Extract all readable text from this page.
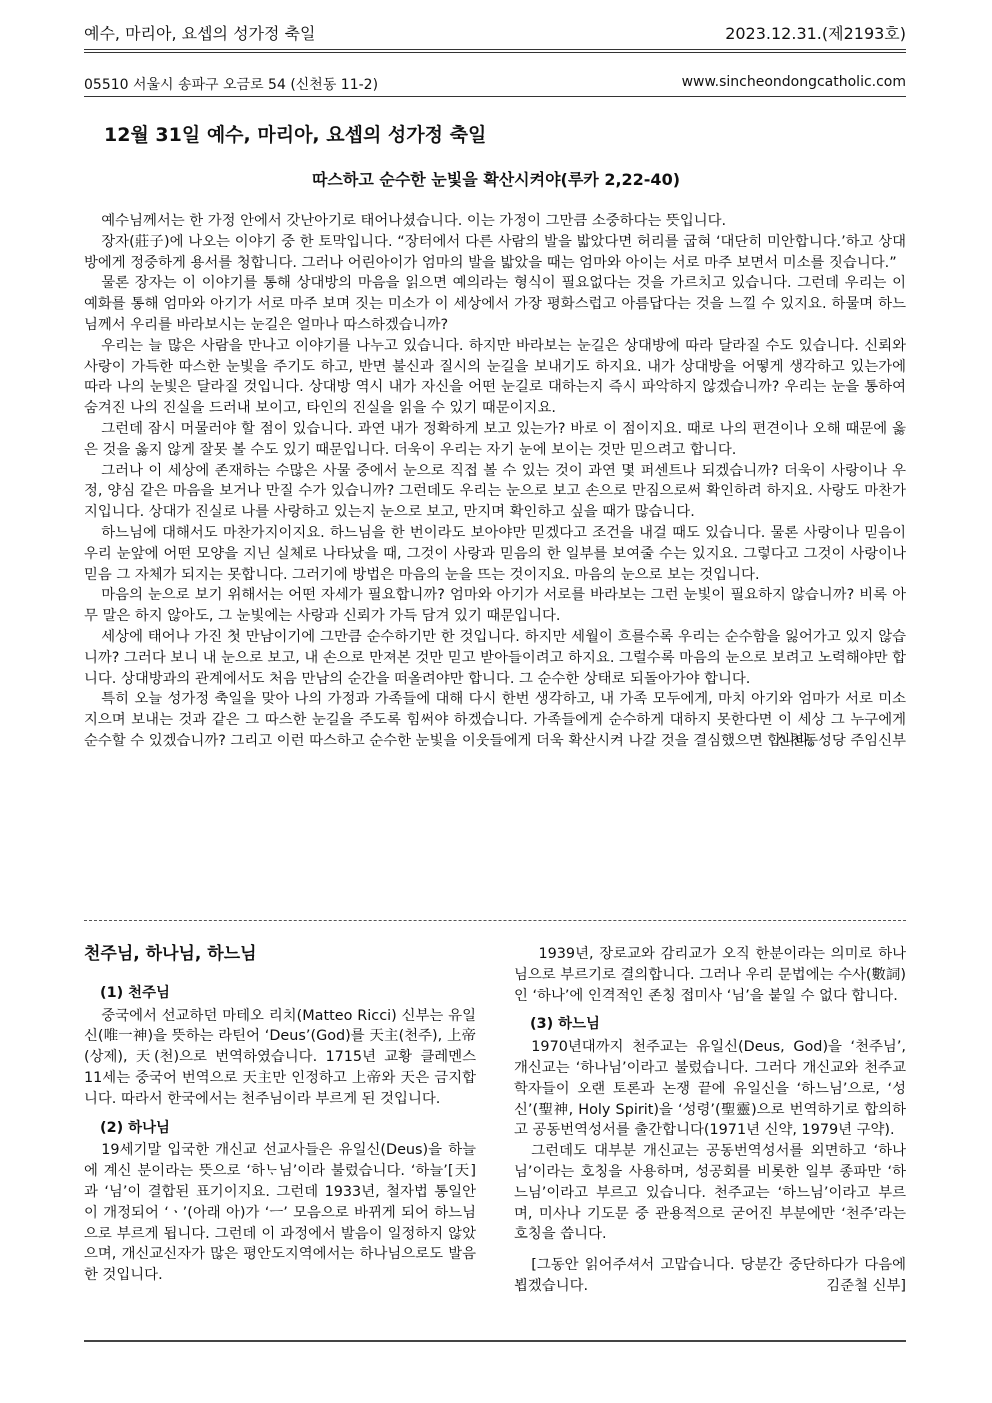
예수, 마리아, 요셉의 성가정 축일	2023.12.31.(제2193호)
05510 서울시 송파구 오금로 54 (신천동 11-2)	www.sincheondongcatholic.com
12월 31일 예수, 마리아, 요셉의 성가정 축일
따스하고 순수한 눈빛을 확산시켜야(루카 2,22-40)

예수님께서는 한 가정 안에서 갓난아기로 태어나셨습니다. 이는 가정이 그만큼 소중하다는 뜻입니다.

장자(莊子)에 나오는 이야기 중 한 토막입니다. “장터에서 다른 사람의 발을 밟았다면 허리를 굽혀 ‘대단히 미안합니다.’하고 상대방에게 정중하게 용서를 청합니다. 그러나 어린아이가 엄마의 발을 밟았을 때는 엄마와 아이는 서로 마주 보면서 미소를 짓습니다.”

물론 장자는 이 이야기를 통해 상대방의 마음을 읽으면 예의라는 형식이 필요없다는 것을 가르치고 있습니다. 그런데 우리는 이 예화를 통해 엄마와 아기가 서로 마주 보며 짓는 미소가 이 세상에서 가장 평화스럽고 아름답다는 것을 느낄 수 있지요. 하물며 하느님께서 우리를 바라보시는 눈길은 얼마나 따스하겠습니까?

우리는 늘 많은 사람을 만나고 이야기를 나누고 있습니다. 하지만 바라보는 눈길은 상대방에 따라 달라질 수도 있습니다. 신뢰와 사랑이 가득한 따스한 눈빛을 주기도 하고, 반면 불신과 질시의 눈길을 보내기도 하지요. 내가 상대방을 어떻게 생각하고 있는가에 따라 나의 눈빛은 달라질 것입니다. 상대방 역시 내가 자신을 어떤 눈길로 대하는지 즉시 파악하지 않겠습니까? 우리는 눈을 통하여 숨겨진 나의 진실을 드러내 보이고, 타인의 진실을 읽을 수 있기 때문이지요.

그런데 잠시 머물러야 할 점이 있습니다. 과연 내가 정확하게 보고 있는가? 바로 이 점이지요. 때로 나의 편견이나 오해 때문에 옳은 것을 옳지 않게 잘못 볼 수도 있기 때문입니다. 더욱이 우리는 자기 눈에 보이는 것만 믿으려고 합니다.

그러나 이 세상에 존재하는 수많은 사물 중에서 눈으로 직접 볼 수 있는 것이 과연 몇 퍼센트나 되겠습니까? 더욱이 사랑이나 우정, 양심 같은 마음을 보거나 만질 수가 있습니까? 그런데도 우리는 눈으로 보고 손으로 만짐으로써 확인하려 하지요. 사랑도 마찬가지입니다. 상대가 진실로 나를 사랑하고 있는지 눈으로 보고, 만지며 확인하고 싶을 때가 많습니다.

하느님에 대해서도 마찬가지이지요. 하느님을 한 번이라도 보아야만 믿겠다고 조건을 내걸 때도 있습니다. 물론 사랑이나 믿음이 우리 눈앞에 어떤 모양을 지닌 실체로 나타났을 때, 그것이 사랑과 믿음의 한 일부를 보여줄 수는 있지요. 그렇다고 그것이 사랑이나 믿음 그 자체가 되지는 못합니다. 그러기에 방법은 마음의 눈을 뜨는 것이지요. 마음의 눈으로 보는 것입니다.

마음의 눈으로 보기 위해서는 어떤 자세가 필요합니까? 엄마와 아기가 서로를 바라보는 그런 눈빛이 필요하지 않습니까? 비록 아무 말은 하지 않아도, 그 눈빛에는 사랑과 신뢰가 가득 담겨 있기 때문입니다.

세상에 태어나 가진 첫 만남이기에 그만큼 순수하기만 한 것입니다. 하지만 세월이 흐를수록 우리는 순수함을 잃어가고 있지 않습니까? 그러다 보니 내 눈으로 보고, 내 손으로 만져본 것만 믿고 받아들이려고 하지요. 그럴수록 마음의 눈으로 보려고 노력해야만 합니다. 상대방과의 관계에서도 처음 만남의 순간을 떠올려야만 합니다. 그 순수한 상태로 되돌아가야 합니다.

특히 오늘 성가정 축일을 맞아 나의 가정과 가족들에 대해 다시 한번 생각하고, 내 가족 모두에게, 마치 아기와 엄마가 서로 미소 지으며 보내는 것과 같은 그 따스한 눈길을 주도록 힘써야 하겠습니다. 가족들에게 순수하게 대하지 못한다면 이 세상 그 누구에게 순수할 수 있겠습니까? 그리고 이런 따스하고 순수한 눈빛을 이웃들에게 더욱 확산시켜 나갈 것을 결심했으면 합니다.

신천동성당 주임신부
천주님, 하나님, 하느님
(1) 천주님

중국에서 선교하던 마테오 리치(Matteo Ricci) 신부는 유일신(唯一神)을 뜻하는 라틴어 ‘Deus’(God)를 天主(천주), 上帝(상제), 天(천)으로 번역하였습니다. 1715년 교황 클레멘스 11세는 중국어 번역으로 天主만 인정하고 上帝와 天은 금지합니다. 따라서 한국에서는 천주님이라 부르게 된 것입니다.

(2) 하나님

19세기말 입국한 개신교 선교사들은 유일신(Deus)을 하늘에 계신 분이라는 뜻으로 ‘하ᄂᆞ님’이라 불렀습니다. ‘하늘’[天]과 ‘님’이 결합된 표기이지요. 그런데 1933년, 철자법 통일안이 개정되어 ‘ㆍ’(아래 아)가 ‘ㅡ’ 모음으로 바뀌게 되어 하느님으로 부르게 됩니다. 그런데 이 과정에서 발음이 일정하지 않았으며, 개신교신자가 많은 평안도지역에서는 하나님으로도 발음한 것입니다.

1939년, 장로교와 감리교가 오직 한분이라는 의미로 하나님으로 부르기로 결의합니다. 그러나 우리 문법에는 수사(數詞)인 ‘하나’에 인격적인 존칭 접미사 ‘님’을 붙일 수 없다 합니다.

(3) 하느님

1970년대까지 천주교는 유일신(Deus, God)을 ‘천주님’, 개신교는 ‘하나님’이라고 불렀습니다. 그러다 개신교와 천주교 학자들이 오랜 토론과 논쟁 끝에 유일신을 ‘하느님’으로, ‘성신’(聖神, Holy Spirit)을 ‘성령’(聖靈)으로 번역하기로 합의하고 공동번역성서를 출간합니다(1971년 신약, 1979년 구약).

그런데도 대부분 개신교는 공동번역성서를 외면하고 ‘하나님’이라는 호칭을 사용하며, 성공회를 비롯한 일부 종파만 ‘하느님’이라고 부르고 있습니다. 천주교는 ‘하느님’이라고 부르며, 미사나 기도문 중 관용적으로 굳어진 부분에만 ‘천주’라는 호칭을 씁니다.

[그동안 읽어주셔서 고맙습니다. 당분간 중단하다가 다음에 뵙겠습니다.	김준철 신부]
